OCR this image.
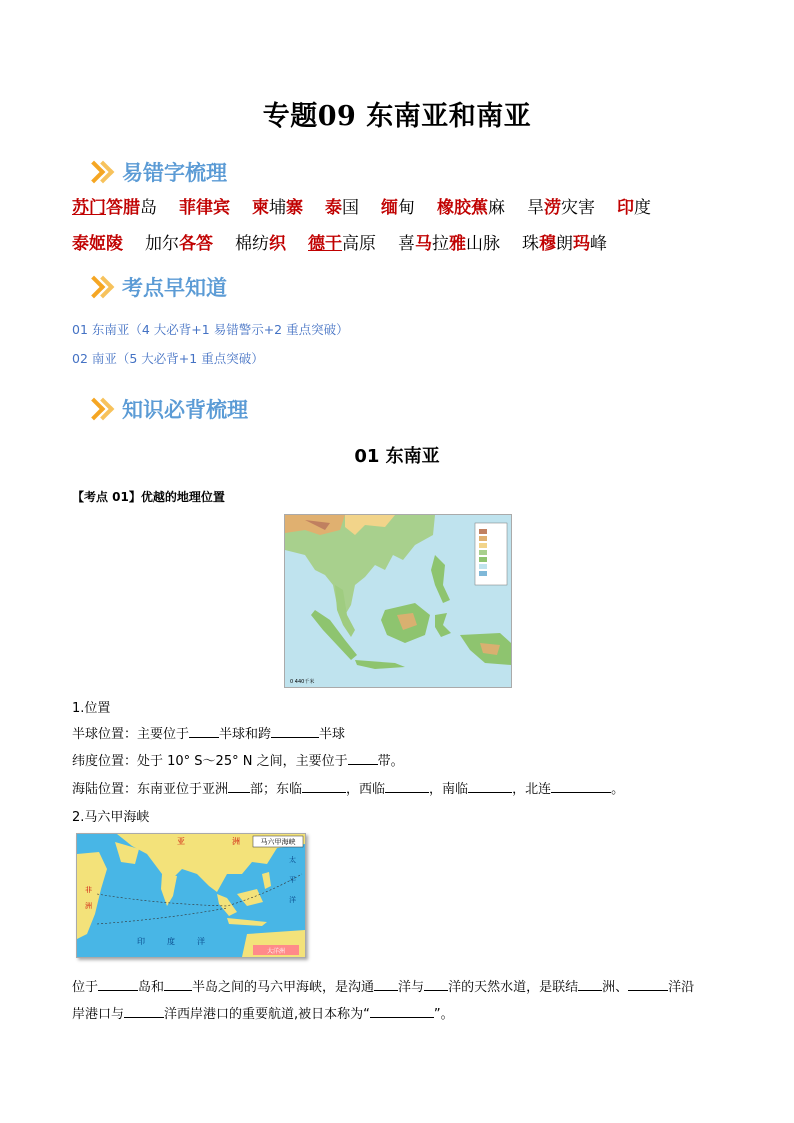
专题09 东南亚和南亚
易错字梳理
苏门答腊岛 菲律宾 柬埔寨 泰国 缅甸 橡胶蕉麻 旱涝灾害 印度
泰姬陵 加尔各答 棉纺织 德干高原 喜马拉雅山脉 珠穆朗玛峰
考点早知道
01 东南亚（4 大必背+1 易错警示+2 重点突破）
02 南亚（5 大必背+1 重点突破）
知识必背梳理
01 东南亚
【考点 01】优越的地理位置
0 440千米
1.位置
半球位置：主要位于 半球和跨	半球
纬度位置：处于 10° S～25° N 之间，主要位于 带。
海陆位置：东南亚位于亚洲 部；东临	，西临	，南临	，北连	。
2.马六甲海峡
马六甲海峡
大洋洲
亚	洲
非
洲
印	度	洋
太
平
洋
位于	岛和 半岛之间的马六甲海峡，是沟通 洋与 洋的天然水道，是联结 洲、	洋沿
岸港口与	洋西岸港口的重要航道,被日本称为“	”。
